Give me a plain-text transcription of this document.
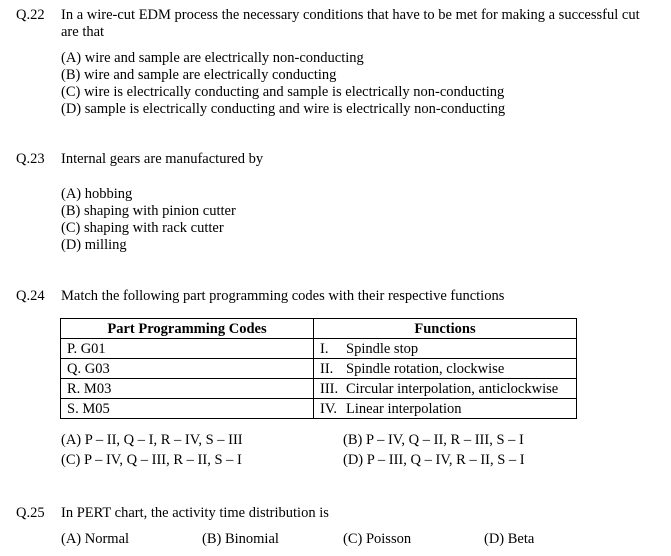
Q.22 In a wire-cut EDM process the necessary conditions that have to be met for making a successful cut are that
(A) wire and sample are electrically non-conducting
(B) wire and sample are electrically conducting
(C) wire is electrically conducting and sample is electrically non-conducting
(D) sample is electrically conducting and wire is electrically non-conducting
Q.23 Internal gears are manufactured by
(A) hobbing
(B) shaping with pinion cutter
(C) shaping with rack cutter
(D) milling
Q.24 Match the following part programming codes with their respective functions
Part Programming Codes	Functions
P. G01	I. Spindle stop
Q. G03	II. Spindle rotation, clockwise
R. M03	III. Circular interpolation, anticlockwise
S. M05	IV. Linear interpolation
(A) P – II, Q – I, R – IV, S – III	(B) P – IV, Q – II, R – III, S – I
(C) P – IV, Q – III, R – II, S – I	(D) P – III, Q – IV, R – II, S – I
Q.25 In PERT chart, the activity time distribution is
(A) Normal	(B) Binomial	(C) Poisson	(D) Beta
